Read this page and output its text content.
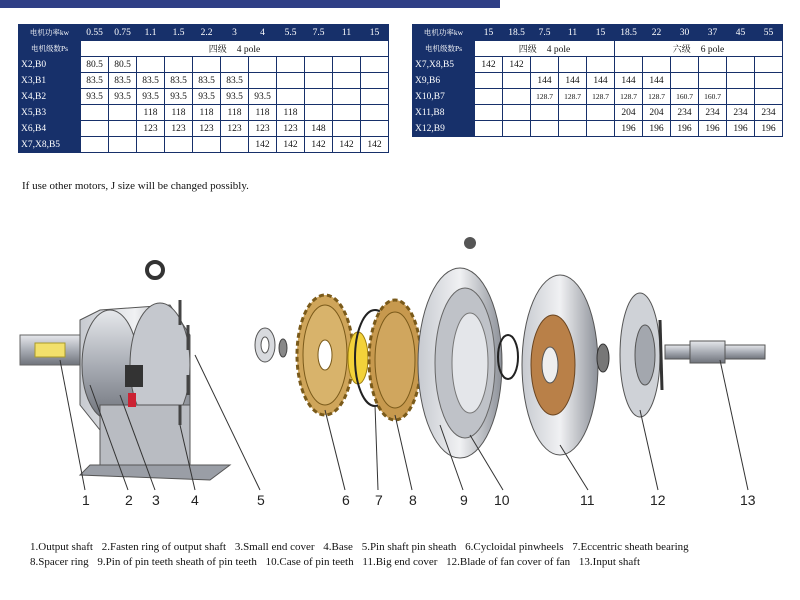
电机功率kw	0.55	0.75	1.1	1.5	2.2	3	4	5.5	7.5	11	15
电机级数Ps	四级 4 pole										
X2,B0	80.5	80.5									
X3,B1	83.5	83.5	83.5	83.5	83.5	83.5					
X4,B2	93.5	93.5	93.5	93.5	93.5	93.5	93.5				
X5,B3			118	118	118	118	118	118			
X6,B4			123	123	123	123	123	123	148		
X7,X8,B5							142	142	142	142	142
电机功率kw	15	18.5	7.5	11	15	18.5	22	30	37	45	55
电机级数Ps	四级 4 pole					六级 6 pole					
X7,X8,B5	142	142									
X9,B6			144	144	144	144	144				
X10,B7			128.7	128.7	128.7	128.7	128.7	160.7	160.7		
X11,B8						204	204	234	234	234	234
X12,B9						196	196	196	196	196	196
If use other motors, J size will be changed possibly.
1	2 3 4	5	6 7 8	9 10	11	12	13
1.Output shaft 2.Fasten ring of output shaft 3.Small end cover 4.Base 5.Pin shaft pin sheath 6.Cycloidal pinwheels 7.Eccentric sheath bearing
8.Spacer ring 9.Pin of pin teeth sheath of pin teeth 10.Case of pin teeth 11.Big end cover 12.Blade of fan cover of fan 13.Input shaft
